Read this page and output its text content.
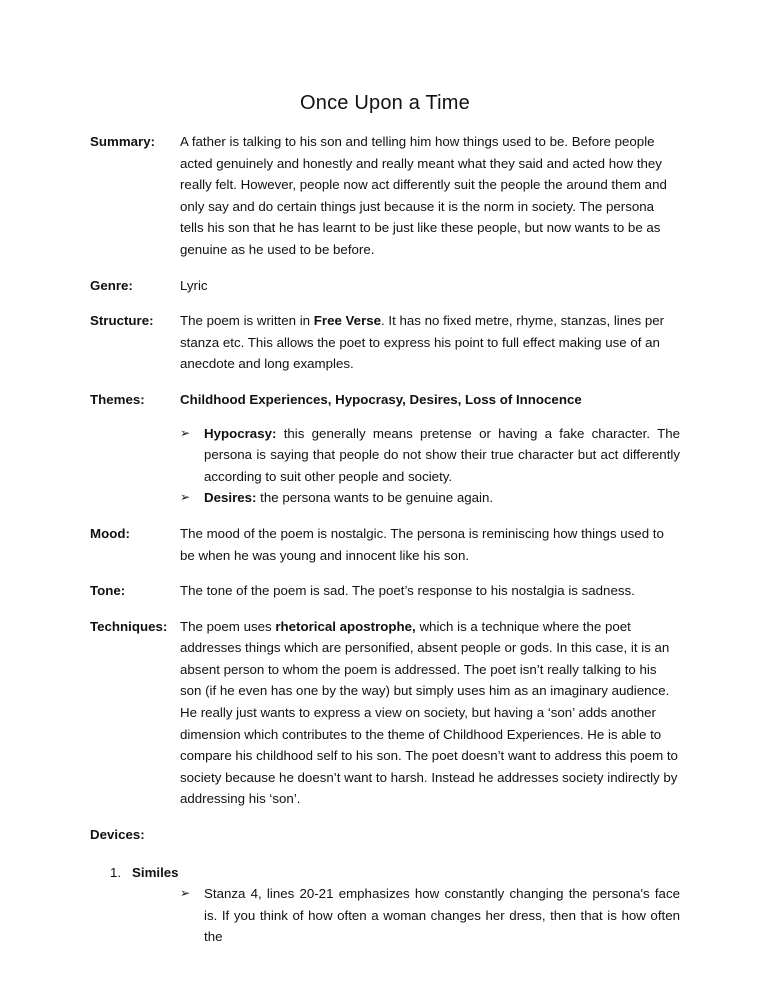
Once Upon a Time
Summary:	A father is talking to his son and telling him how things used to be. Before people acted genuinely and honestly and really meant what they said and acted how they really felt. However, people now act differently suit the people the around them and only say and do certain things just because it is the norm in society. The persona tells his son that he has learnt to be just like these people, but now wants to be as genuine as he used to be before.
Genre:	Lyric
Structure:	The poem is written in Free Verse. It has no fixed metre, rhyme, stanzas, lines per stanza etc. This allows the poet to express his point to full effect making use of an anecdote and long examples.
Themes:	Childhood Experiences, Hypocrasy, Desires, Loss of Innocence
➢	Hypocrasy: this generally means pretense or having a fake character. The persona is saying that people do not show their true character but act differently according to suit other people and society.
➢	Desires: the persona wants to be genuine again.
Mood:	The mood of the poem is nostalgic. The persona is reminiscing how things used to be when he was young and innocent like his son.
Tone:	The tone of the poem is sad. The poet’s response to his nostalgia is sadness.
Techniques: The poem uses rhetorical apostrophe, which is a technique where the poet addresses things which are personified, absent people or gods. In this case, it is an absent person to whom the poem is addressed. The poet isn’t really talking to his son (if he even has one by the way) but simply uses him as an imaginary audience. He really just wants to express a view on society, but having a ‘son’ adds another dimension which contributes to the theme of Childhood Experiences. He is able to compare his childhood self to his son. The poet doesn’t want to address this poem to society because he doesn’t want to harsh. Instead he addresses society indirectly by addressing his ‘son’.
Devices:
1. Similes
➢	Stanza 4, lines 20-21 emphasizes how constantly changing the persona's face is. If you think of how often a woman changes her dress, then that is how often the
